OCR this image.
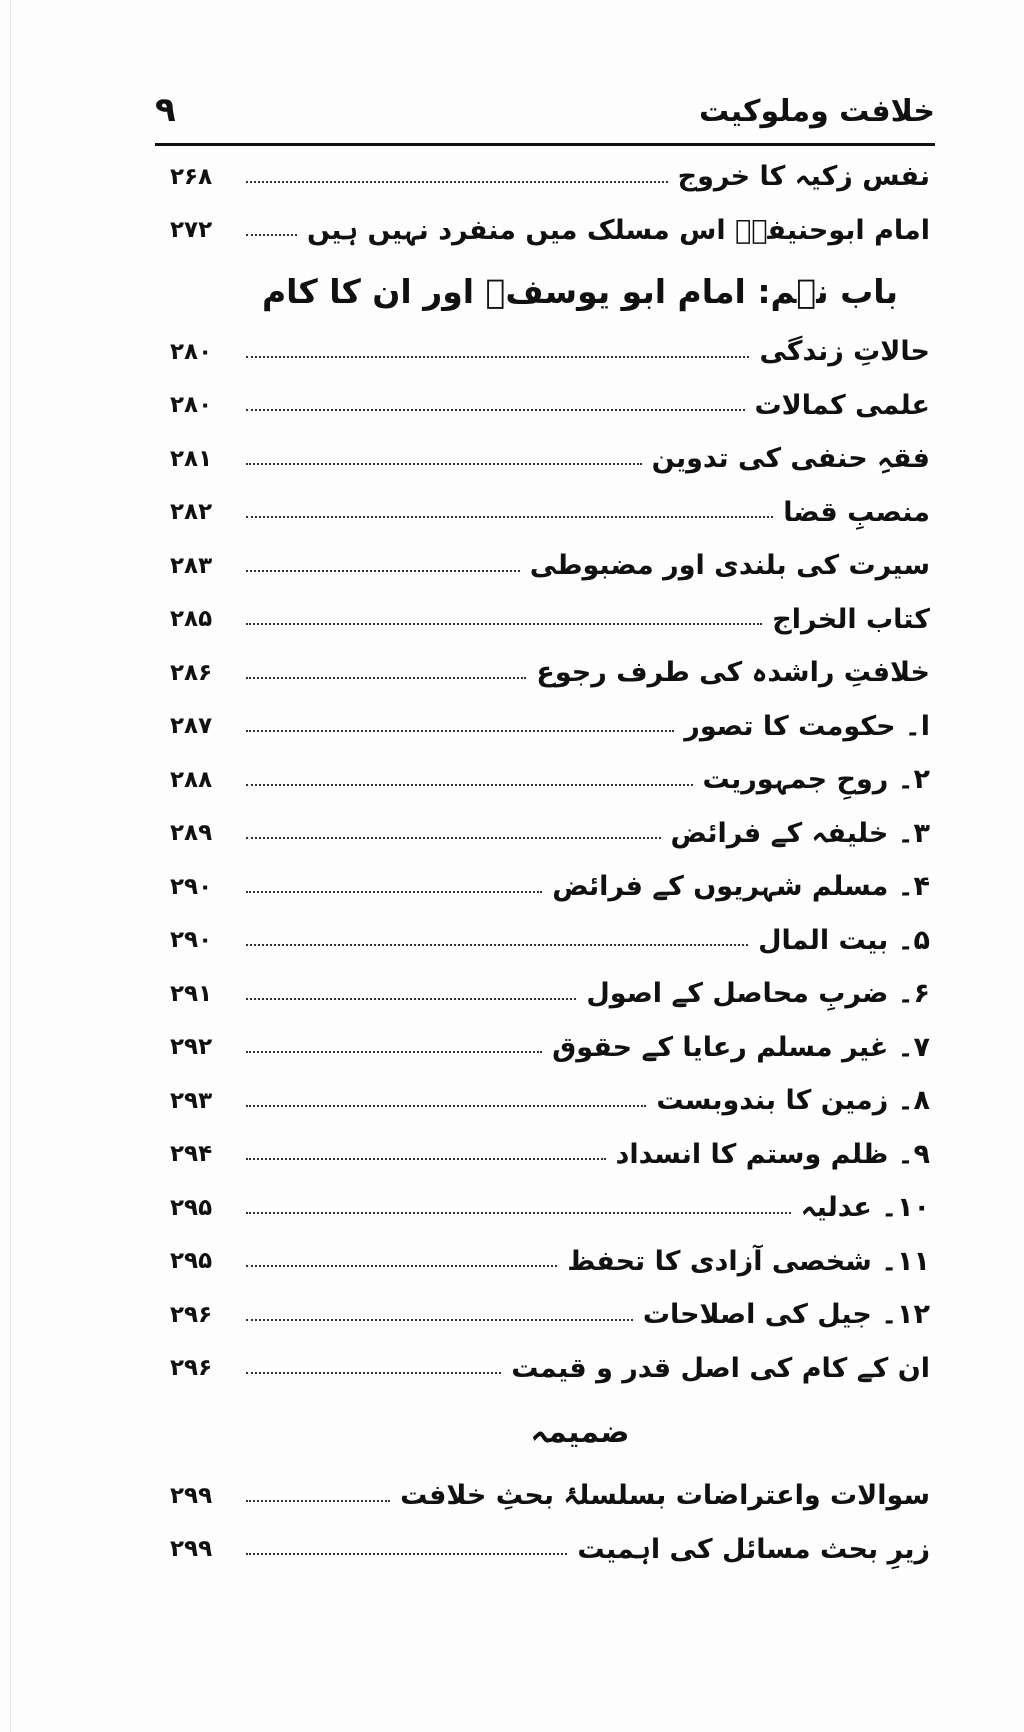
۹	خلافت وملوکیت
نفس زکیہ کا خروج
۲۶۸
امام ابوحنیفہؒ اس مسلک میں منفرد نہیں ہیں
۲۷۲
باب نہم: امام ابو یوسفؒ اور ان کا کام
حالاتِ زندگی
۲۸۰
علمی کمالات
۲۸۰
فقہِ حنفی کی تدوین
۲۸۱
منصبِ قضا
۲۸۲
سیرت کی بلندی اور مضبوطی
۲۸۳
کتاب الخراج
۲۸۵
خلافتِ راشدہ کی طرف رجوع
۲۸۶
ا۔ حکومت کا تصور
۲۸۷
۲۔ روحِ جمہوریت
۲۸۸
۳۔ خلیفہ کے فرائض
۲۸۹
۴۔ مسلم شہریوں کے فرائض
۲۹۰
۵۔ بیت المال
۲۹۰
۶۔ ضربِ محاصل کے اصول
۲۹۱
۷۔ غیر مسلم رعایا کے حقوق
۲۹۲
۸۔ زمین کا بندوبست
۲۹۳
۹۔ ظلم وستم کا انسداد
۲۹۴
۱۰۔ عدلیہ
۲۹۵
۱۱۔ شخصی آزادی کا تحفظ
۲۹۵
۱۲۔ جیل کی اصلاحات
۲۹۶
ان کے کام کی اصل قدر و قیمت
۲۹۶
ضمیمہ
سوالات واعتراضات بسلسلۂ بحثِ خلافت
۲۹۹
زیرِ بحث مسائل کی اہمیت
۲۹۹
